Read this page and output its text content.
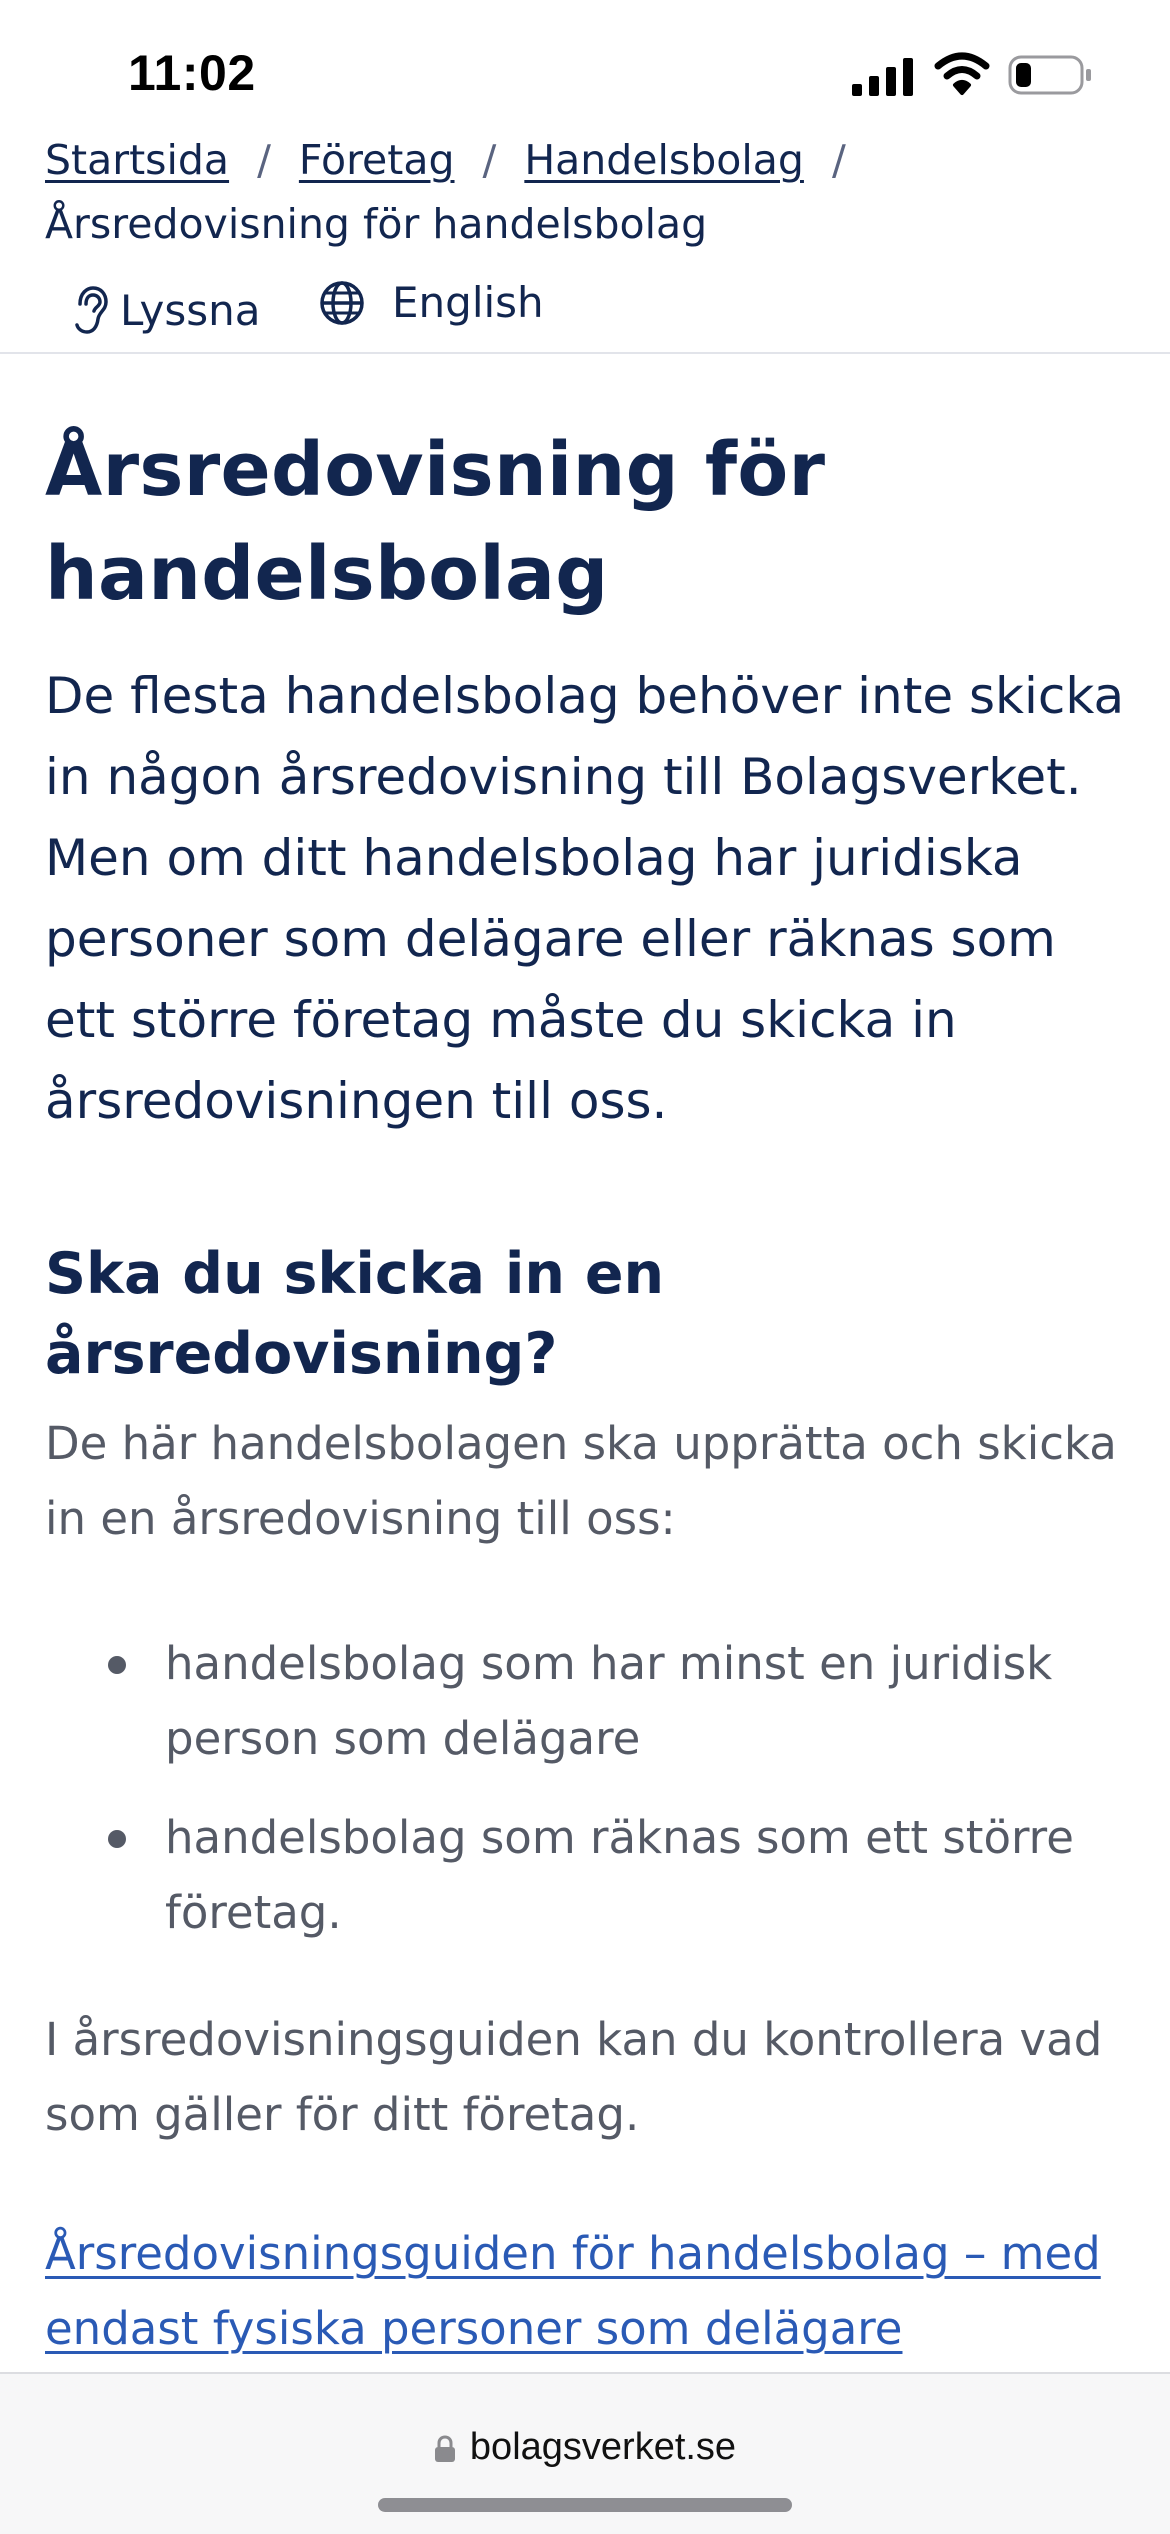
11:02
Startsida / Företag / Handelsbolag /
Årsredovisning för handelsbolag
Lyssna	English
Årsredovisning för handelsbolag

De flesta handelsbolag behöver inte skicka in någon årsredovisning till Bolagsverket. Men om ditt handelsbolag har juridiska personer som delägare eller räknas som ett större företag måste du skicka in årsredovisningen till oss.

Ska du skicka in en årsredovisning?

De här handelsbolagen ska upprätta och skicka in en årsredovisning till oss:

handelsbolag som har minst en juridisk person som delägare
handelsbolag som räknas som ett större företag.

I årsredovisningsguiden kan du kontrollera vad som gäller för ditt företag.

Årsredovisningsguiden för handelsbolag – med endast fysiska personer som delägare
bolagsverket.se
